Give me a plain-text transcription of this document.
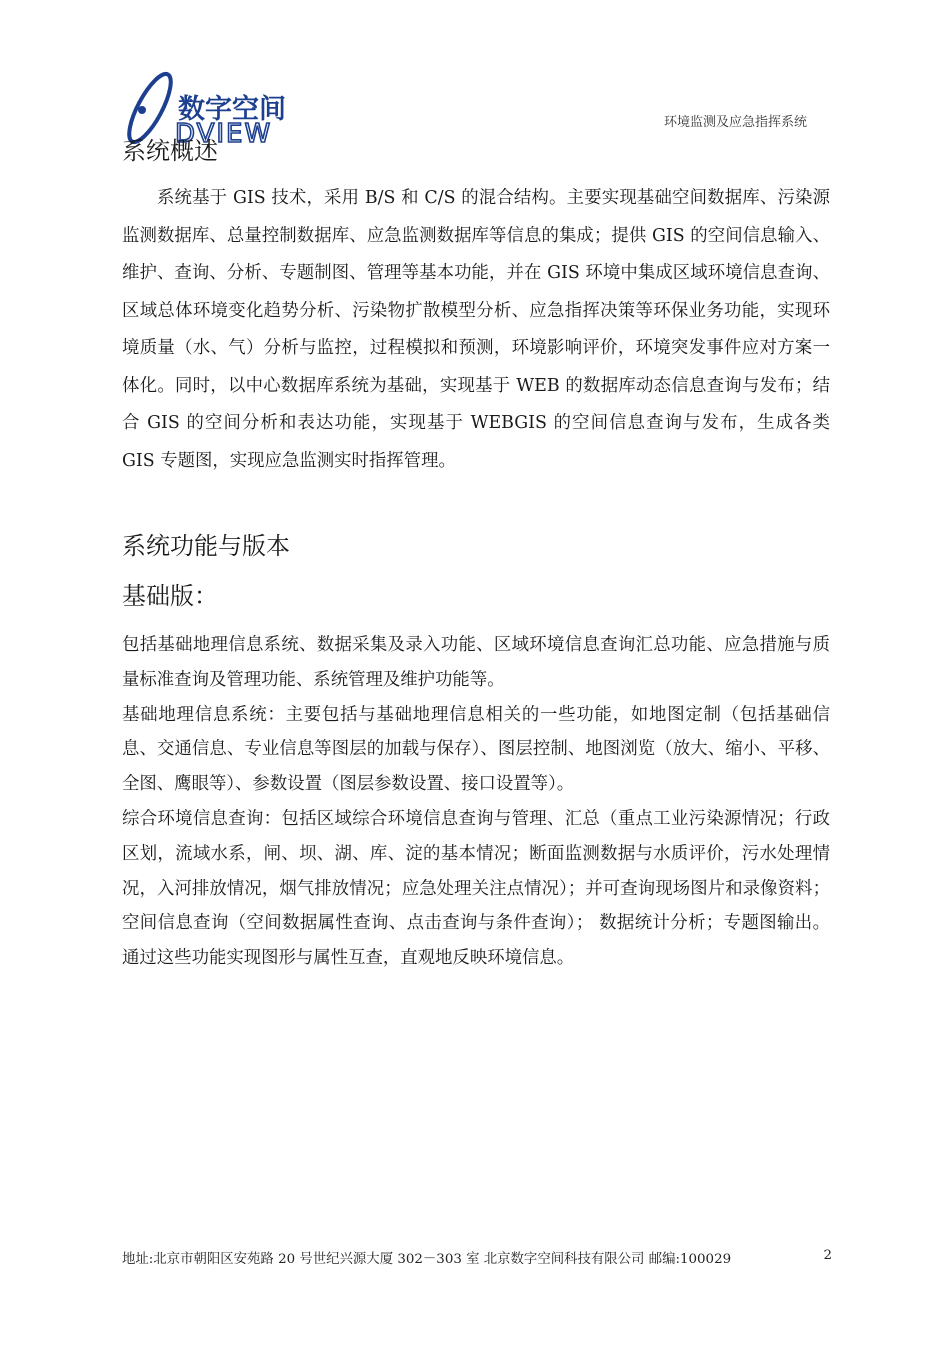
数字空间
DVIEW	环境监测及应急指挥系统
系统概述

  系统基于 GIS 技术，采用 B/S 和 C/S 的混合结构。主要实现基础空间数据库、污染源监测数据库、总量控制数据库、应急监测数据库等信息的集成；提供 GIS 的空间信息输入、维护、查询、分析、专题制图、管理等基本功能，并在 GIS 环境中集成区域环境信息查询、区域总体环境变化趋势分析、污染物扩散模型分析、应急指挥决策等环保业务功能，实现环境质量（水、气）分析与监控，过程模拟和预测，环境影响评价，环境突发事件应对方案一体化。同时，以中心数据库系统为基础，实现基于 WEB 的数据库动态信息查询与发布；结合 GIS 的空间分析和表达功能，实现基于 WEBGIS 的空间信息查询与发布，生成各类 GIS 专题图，实现应急监测实时指挥管理。

系统功能与版本
基础版：

包括基础地理信息系统、数据采集及录入功能、区域环境信息查询汇总功能、应急措施与质量标准查询及管理功能、系统管理及维护功能等。

基础地理信息系统：主要包括与基础地理信息相关的一些功能，如地图定制（包括基础信息、交通信息、专业信息等图层的加载与保存）、图层控制、地图浏览（放大、缩小、平移、全图、鹰眼等）、参数设置（图层参数设置、接口设置等）。

综合环境信息查询：包括区域综合环境信息查询与管理、汇总（重点工业污染源情况；行政区划，流域水系，闸、坝、湖、库、淀的基本情况；断面监测数据与水质评价，污水处理情况，入河排放情况，烟气排放情况；应急处理关注点情况）；并可查询现场图片和录像资料；空间信息查询（空间数据属性查询、点击查询与条件查询）； 数据统计分析；专题图输出。通过这些功能实现图形与属性互查，直观地反映环境信息。

地址:北京市朝阳区安苑路 20 号世纪兴源大厦 302－303 室 北京数字空间科技有限公司 邮编:100029	2
